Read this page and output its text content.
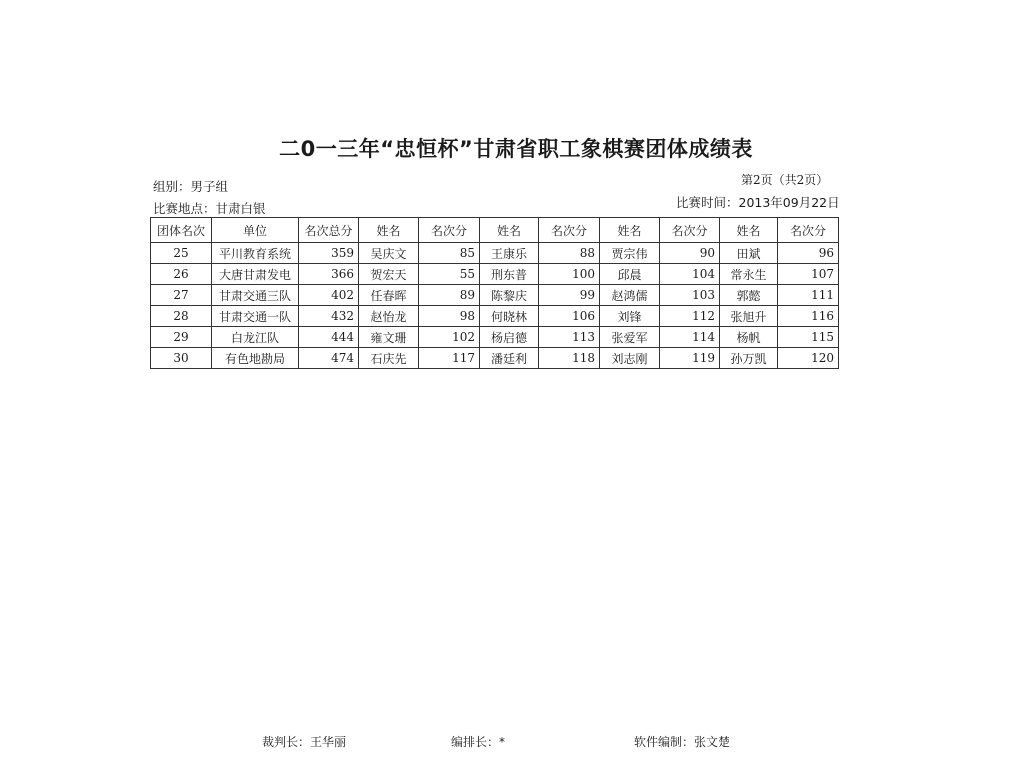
二0一三年“忠恒杯”甘肃省职工象棋赛团体成绩表
组别：男子组
比赛地点：甘肃白银
第2页（共2页）
比赛时间：2013年09月22日
团体名次	单位	名次总分	姓名	名次分	姓名	名次分	姓名	名次分	姓名	名次分
25	平川教育系统	359	吴庆文	85	王康乐	88	贾宗伟	90	田斌	96
26	大唐甘肃发电	366	贺宏天	55	刑东普	100	邱晨	104	常永生	107
27	甘肃交通三队	402	任春晖	89	陈黎庆	99	赵鸿儒	103	郭懿	111
28	甘肃交通一队	432	赵怡龙	98	何晓林	106	刘锋	112	张旭升	116
29	白龙江队	444	雍文珊	102	杨启德	113	张爱军	114	杨帆	115
30	有色地勘局	474	石庆先	117	潘廷利	118	刘志刚	119	孙万凯	120
裁判长：王华丽	编排长：*	软件编制：张文楚
